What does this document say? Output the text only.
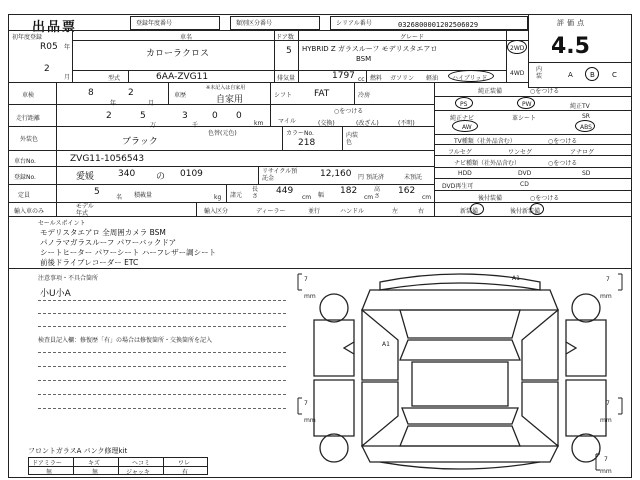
出品票	登録年度番号	類別区分番号	シリアル番号	0326800001202506029	評価点
4.5
内装	A B C
初年度登録
R05 年
2
月
車名
カローラクロス
ドア数
5
グレード
HYBRID Z ガラスルーフ モデリスタエアロ
BSM
2WD
4WD
型式	6AA-ZVG11	排気量	1797 cc 燃料 ガソリン 軽油 ハイブリッド
車検	8
年
2
月
車歴
※未記入は自家用
自家用	シフト FAT	冷房
走行距離	2	5
万
3
千
0 0
km
○をつける
マイル	(交換)	(改ざん)	(不明)
外装色	ブラック
色替(元色)	カラーNo.
218
内装色
車台No.	ZVG11-1056543
登録No.	愛媛	340 の 0109	リサイクル預託金	12,160 円 預託済	未預託
定員	5
名 積載量	kg 諸元
長さ
449
cm 幅 182
cm
高さ
162
cm
輸入車のみ
モデル年式	輸入区分	ディーラー	並行	ハンドル	左	右
純正装備	○をつける
PS	PW	純正TV
純正ナビ	革シート	SR
AW	ABS
TV種類（社外品含む）	○をつける
フルセグ	ワンセグ	アナログ
ナビ種類（社外品含む）	○をつける
HDD	DVD	SD
DVD再生可	CD
後付装備	○をつける
新装備	後付新装備
セールスポイント
モデリスタエアロ 全周囲カメラ BSM
パノラマガラスルーフ パワーバックドア
シートヒーター パワーシート ハーフレザー調シート
前後ドライブレコーダー ETC
注意事項・不具合箇所
小U小A
検査員記入欄：修復歴「有」の場合は修復箇所・交換箇所を記入
フロントガラスA パンク修理kit
ドアミラー	キズ	ヘコミ	ワレ
無	無	ジャッキ	有
A1
A1
7
mm
7
mm
7
mm
7
mm
7
mm
